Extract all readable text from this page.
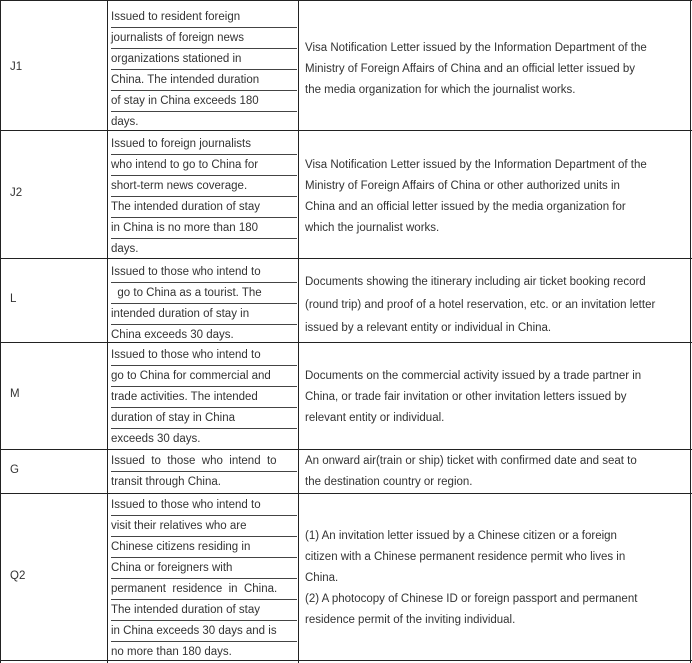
J1
Issued to resident foreign
journalists of foreign news
organizations stationed in
China. The intended duration
of stay in China exceeds 180
days.
Visa Notification Letter issued by the Information Department of the
Ministry of Foreign Affairs of China and an official letter issued by
the media organization for which the journalist works.
J2
Issued to foreign journalists
who intend to go to China for
short-term news coverage.
The intended duration of stay
in China is no more than 180
days.
Visa Notification Letter issued by the Information Department of the
Ministry of Foreign Affairs of China or other authorized units in
China and an official letter issued by the media organization for
which the journalist works.
L
Issued to those who intend to
go to China as a tourist. The
intended duration of stay in
China exceeds 30 days.
Documents showing the itinerary including air ticket booking record
(round trip) and proof of a hotel reservation, etc. or an invitation letter
issued by a relevant entity or individual in China.
M
Issued to those who intend to
go to China for commercial and
trade activities. The intended
duration of stay in China
exceeds 30 days.
Documents on the commercial activity issued by a trade partner in
China, or trade fair invitation or other invitation letters issued by
relevant entity or individual.
G
Issued  to  those  who  intend  to
transit through China.
An onward air(train or ship) ticket with confirmed date and seat to
the destination country or region.
Q2
Issued to those who intend to
visit their relatives who are
Chinese citizens residing in
China or foreigners with
permanent  residence  in  China.
The intended duration of stay
in China exceeds 30 days and is
no more than 180 days.
(1) An invitation letter issued by a Chinese citizen or a foreign
citizen with a Chinese permanent residence permit who lives in
China.
(2) A photocopy of Chinese ID or foreign passport and permanent
residence permit of the inviting individual.
